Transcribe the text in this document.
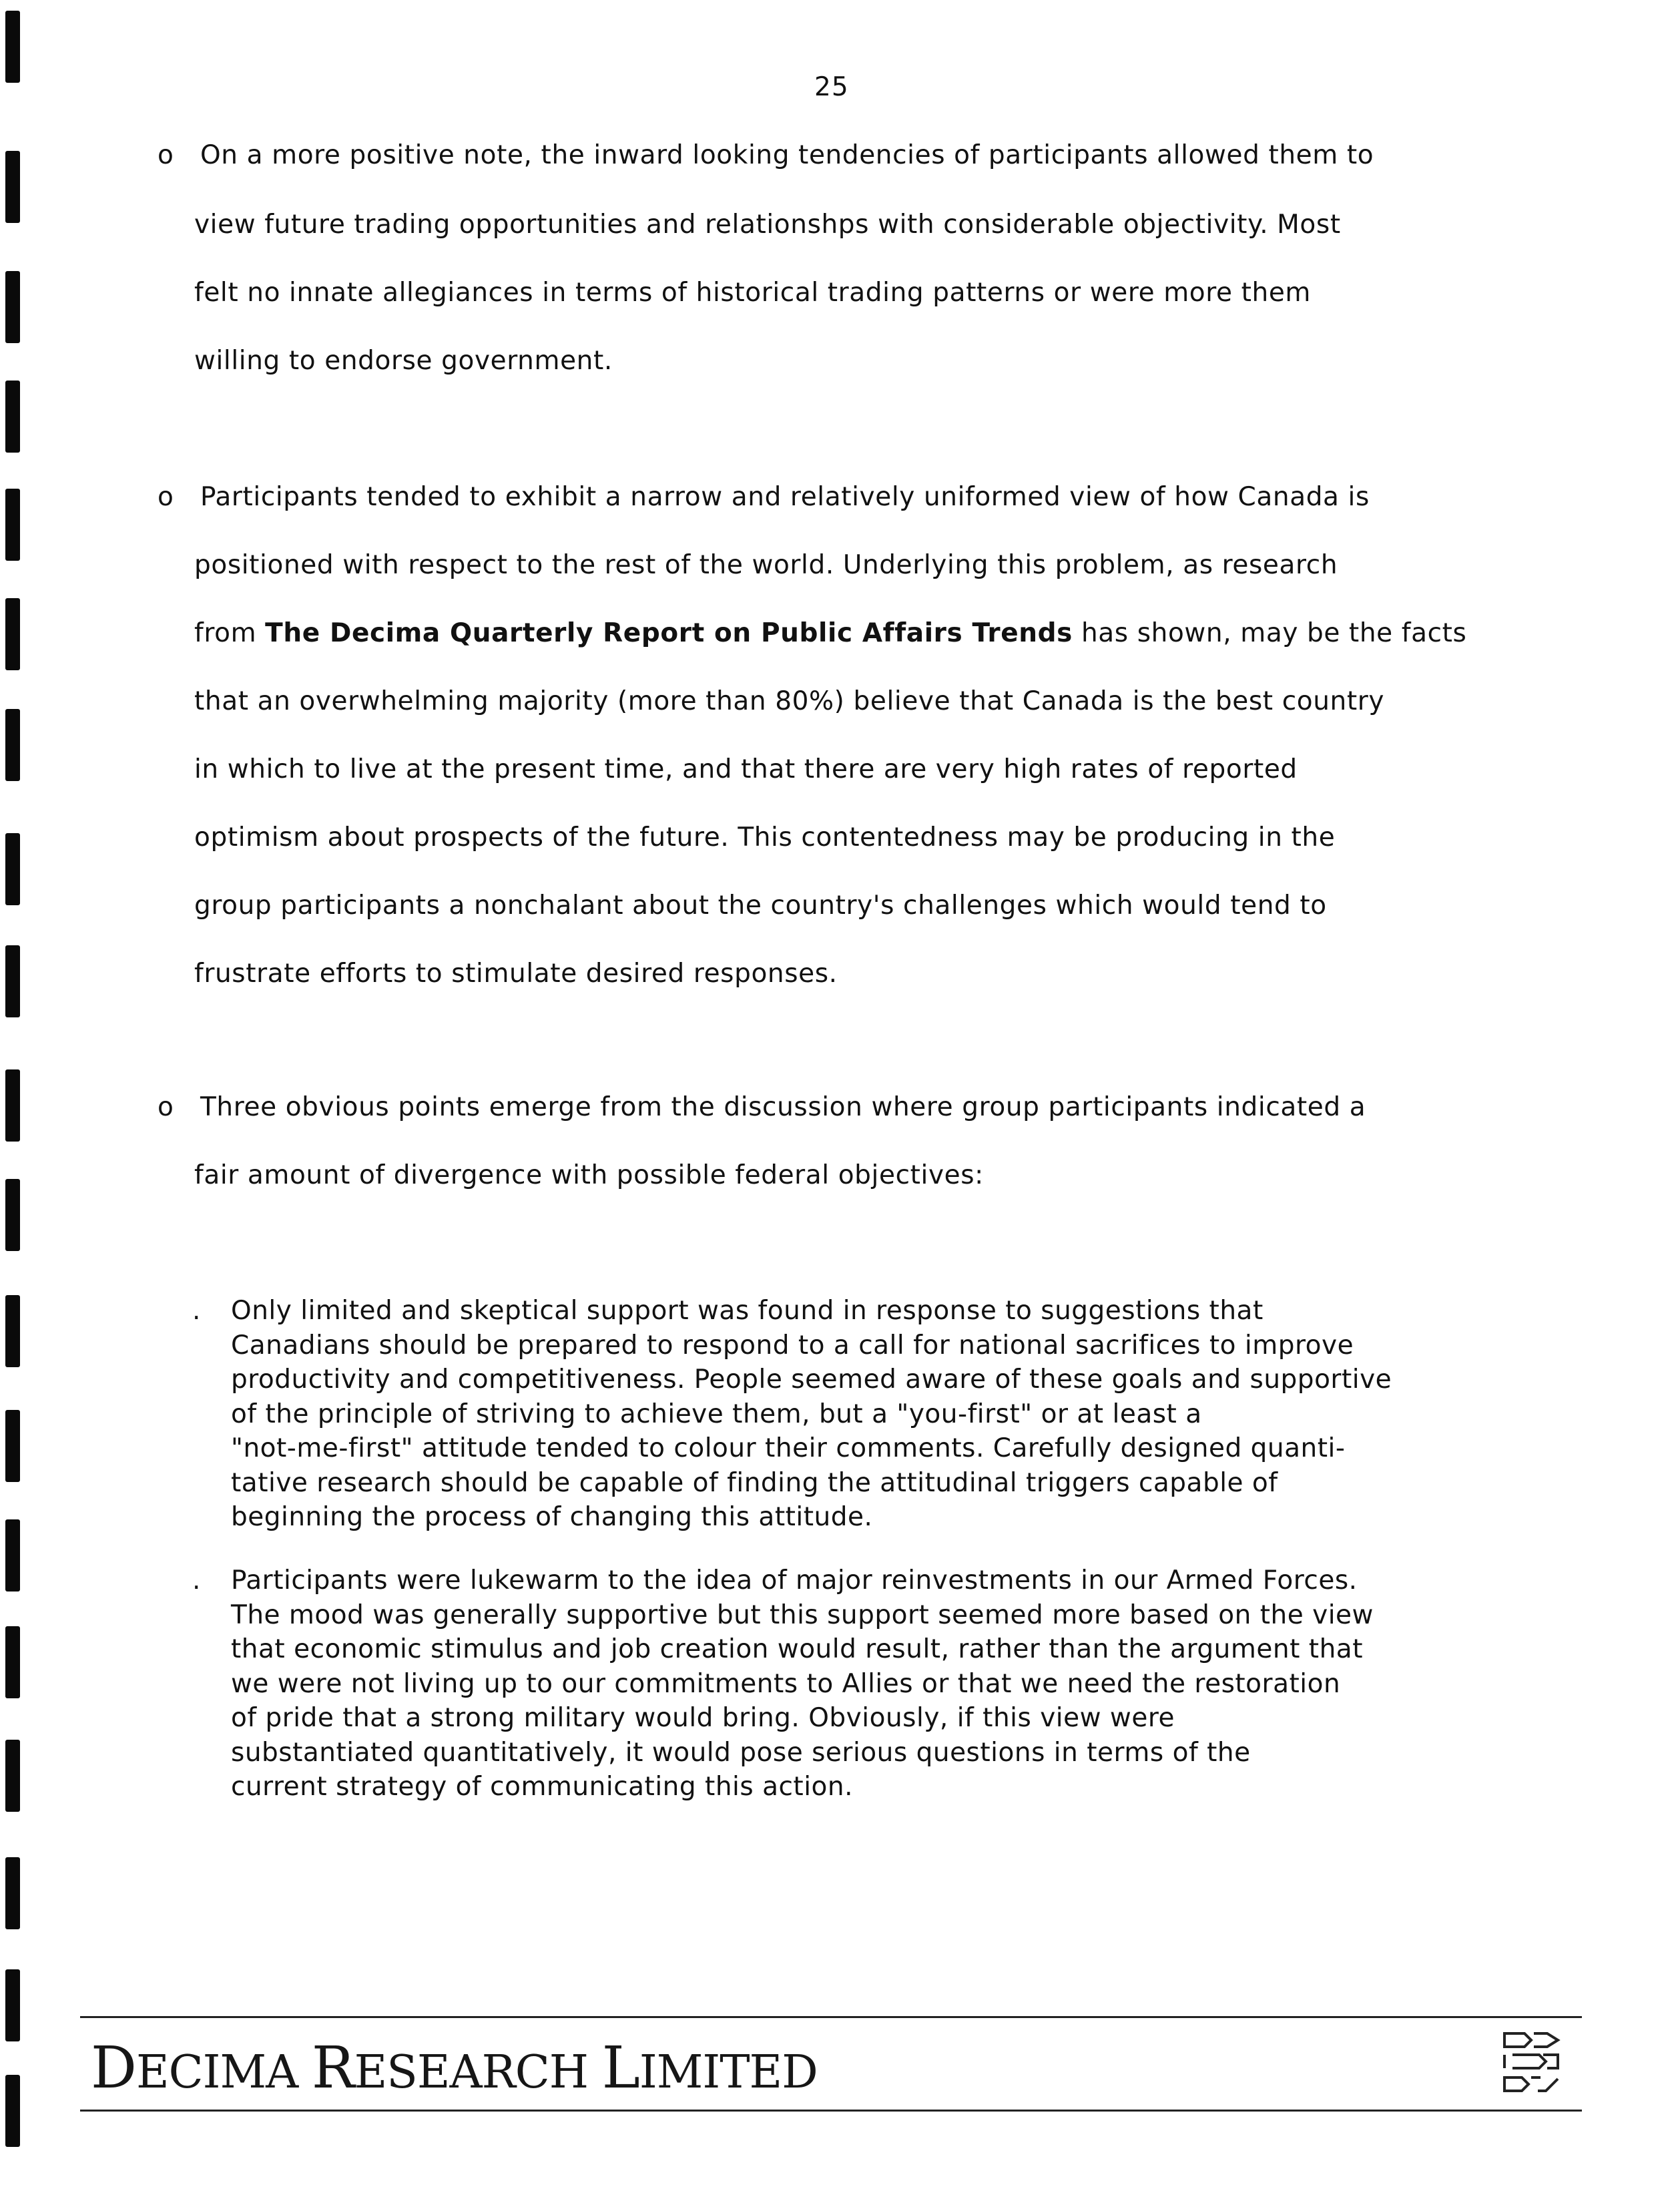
25
o On a more positive note, the inward looking tendencies of participants allowed them to
view future trading opportunities and relationshps with considerable objectivity. Most
felt no innate allegiances in terms of historical trading patterns or were more them
willing to endorse government.
o Participants tended to exhibit a narrow and relatively uniformed view of how Canada is
positioned with respect to the rest of the world. Underlying this problem, as research
from The Decima Quarterly Report on Public Affairs Trends has shown, may be the facts
that an overwhelming majority (more than 80%) believe that Canada is the best country
in which to live at the present time, and that there are very high rates of reported
optimism about prospects of the future. This contentedness may be producing in the
group participants a nonchalant about the country's challenges which would tend to
frustrate efforts to stimulate desired responses.
o Three obvious points emerge from the discussion where group participants indicated a
fair amount of divergence with possible federal objectives:
. Only limited and skeptical support was found in response to suggestions that
Canadians should be prepared to respond to a call for national sacrifices to improve
productivity and competitiveness. People seemed aware of these goals and supportive
of the principle of striving to achieve them, but a "you-first" or at least a
"not-me-first" attitude tended to colour their comments. Carefully designed quanti-
tative research should be capable of finding the attitudinal triggers capable of
beginning the process of changing this attitude.
. Participants were lukewarm to the idea of major reinvestments in our Armed Forces.
The mood was generally supportive but this support seemed more based on the view
that economic stimulus and job creation would result, rather than the argument that
we were not living up to our commitments to Allies or that we need the restoration
of pride that a strong military would bring. Obviously, if this view were
substantiated quantitatively, it would pose serious questions in terms of the
current strategy of communicating this action.
DECIMA RESEARCH LIMITED
